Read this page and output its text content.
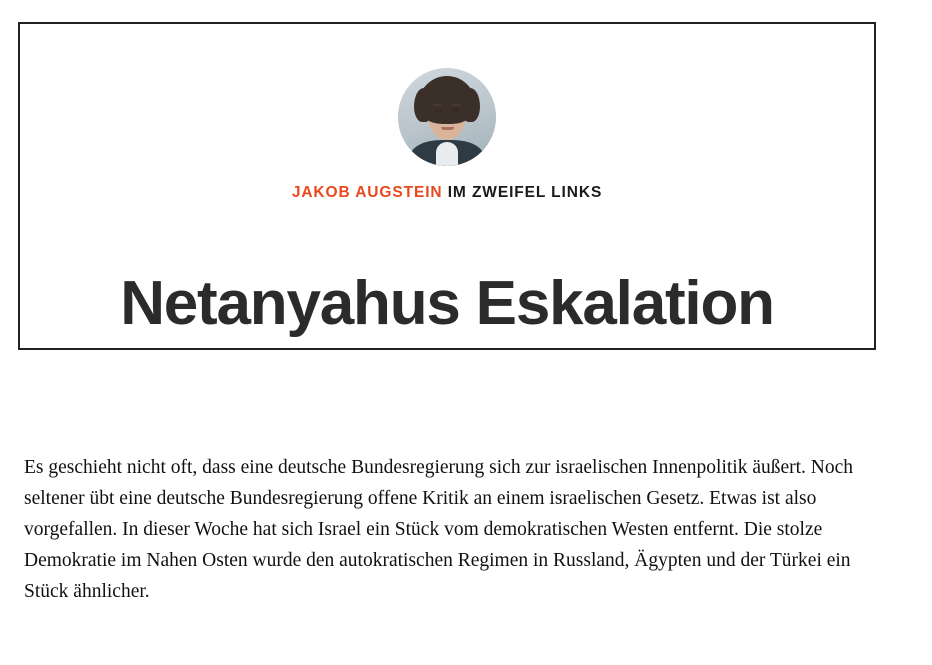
JAKOB AUGSTEIN IM ZWEIFEL LINKS
Netanyahus Eskalation

Es geschieht nicht oft, dass eine deutsche Bundesregierung sich zur israelischen Innenpolitik äußert. Noch seltener übt eine deutsche Bundesregierung offene Kritik an einem israelischen Gesetz. Etwas ist also vorgefallen. In dieser Woche hat sich Israel ein Stück vom demokratischen Westen entfernt. Die stolze Demokratie im Nahen Osten wurde den autokratischen Regimen in Russland, Ägypten und der Türkei ein Stück ähnlicher.
